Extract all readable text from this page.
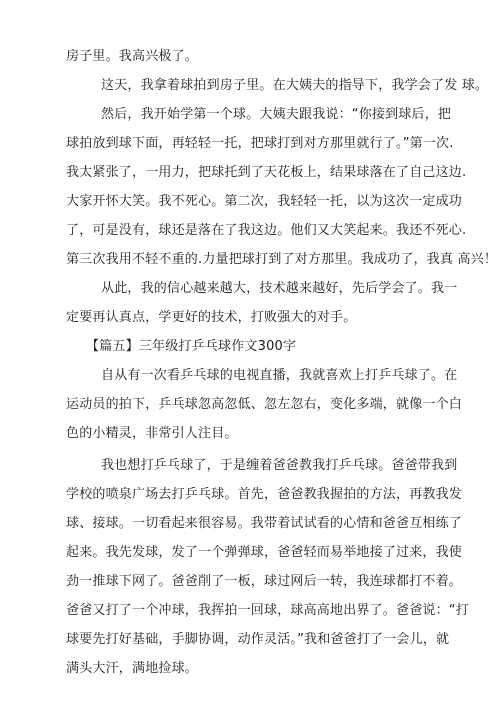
房子里。我高兴极了。
这天，我拿着球拍到房子里。在大姨夫的指导下，我学会了发 球。
然后，我开始学第一个球。大姨夫跟我说：“你接到球后，把
球拍放到球下面，再轻轻一托，把球打到对方那里就行了。”第一次.
我太紧张了，一用力，把球托到了天花板上，结果球落在了自己这边.
大家开怀大笑。我不死心。第二次，我轻轻一托，以为这次一定成功
了，可是没有，球还是落在了我这边。他们又大笑起来。我还不死心.
第三次我用不轻不重的.力量把球打到了对方那里。我成功了，我真 高兴！
从此，我的信心越来越大，技术越来越好，先后学会了。我一
定要再认真点，学更好的技术，打败强大的对手。
【篇五】三年级打乒乓球作文300字
自从有一次看乒乓球的电视直播，我就喜欢上打乒乓球了。在
运动员的拍下，乒乓球忽高忽低、忽左忽右，变化多端，就像一个白
色的小精灵，非常引人注目。
我也想打乒乓球了，于是缠着爸爸教我打乒乓球。爸爸带我到
学校的喷泉广场去打乒乓球。首先，爸爸教我握拍的方法，再教我发
球、接球。一切看起来很容易。我带着试试看的心情和爸爸互相练了
起来。我先发球，发了一个弹弹球，爸爸轻而易举地接了过来，我使
劲一推球下网了。爸爸削了一板，球过网后一转，我连球都打不着。
爸爸又打了一个冲球，我挥拍一回球，球高高地出界了。爸爸说：“打
球要先打好基础，手脚协调，动作灵活。”我和爸爸打了一会儿，就
满头大汗，满地捡球。
